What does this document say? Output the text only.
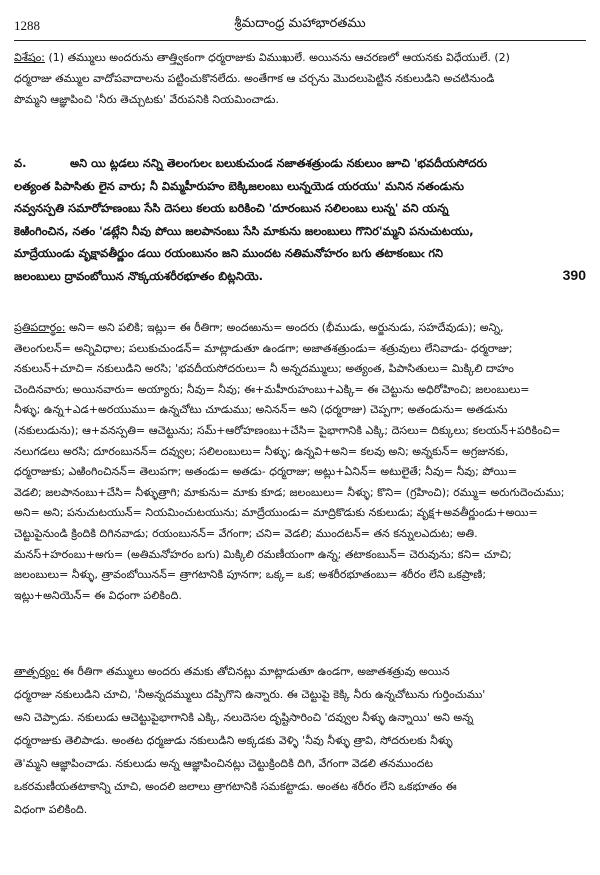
1288	శ్రీమదాంధ్ర మహాభారతము
విశేషం: (1) తమ్ములు అందరును తాత్త్వికంగా ధర్మరాజుకు విముఖులే. అయినను ఆచరణలో ఆయనకు విధేయులే. (2)
ధర్మరాజు తమ్ముల వాదోపవాదాలను పట్టించుకొనలేదు. అంతేగాక ఆ చర్చను మొదలుపెట్టిన నకులుడిని అచటినుండి
పొమ్మని ఆజ్ఞాపించి 'నీరు తెచ్చుటకు' వేరుపనికి నియమించాడు.
వ.	అని యి ట్లడలు నన్ని తెలంగులఁ బలుకుచుండ నజాతశత్రుండు నకులుం జూచి 'భవదీయసోదరు
లత్యంత పిపాసితు లైన వారు; నీ విమ్మహీరుహం బెక్కిజలంబు లున్నయెడ యరయు' మనిన నతండును
నవ్వనస్పతి సమారోహణంబు సేసి దెసలు కలయ బరికించి 'దూరంబున సలిలంబు లున్న' వని యన్న
కెఱింగించిన, నతం 'డట్లేని నీవు పోయి జలపానంబు సేసి మాకును జలంబులు గొనిర'మ్మని పనుచుటయు,
మాద్రేయుండు వృక్షావతీర్ణుం డయి రయంబునం జని ముందట నతిమనోహరం బగు తటాకంబుఁ గని
జలంబులు ద్రావంబోయిన నొక్కయశరీరభూతం బిట్లనియె.	390
ప్రతిపదార్థం: అని= అని పలికి; ఇట్లు= ఈ రీతిగా; అందఱును= అందరు (భీముడు, అర్జునుడు, సహదేవుడు); అన్ని,
తెలంగులన్= అన్నివిధాల; పలుకుచుండన్= మాట్లాడుతూ ఉండగా; అజాతశత్రుండు= శత్రువులు లేనివాడు- ధర్మరాజు;
నకులున్+చూచి= నకులుడిని అరసి; 'భవదీయసోదరులు= నీ అన్నదమ్ములు; అత్యంత, పిపాసితులు= మిక్కిలి దాహం
చెందినవారు; అయినవారు= అయ్యారు; నీవు= నీవు; ఈ+మహీరుహంబు+ఎక్కి= ఈ చెట్టును అధిరోహించి; జలంబులు=
నీళ్ళు; ఉన్న+ఎడ+అరయుము= ఉన్నచోటు చూడుము; అనినన్= అని (ధర్మరాజు) చెప్పగా; అతండును= అతడును
(నకులుడును); ఆ+వనస్పతి= ఆచెట్టును; సమ్+ఆరోహణంబు+చేసి= పైభాగానికి ఎక్కి; దెసలు= దిక్కులు; కలయన్+పరికించి=
నలుగడలు అరసి; దూరంబునన్= దవ్వుల; సలిలంబులు= నీళ్ళు; ఉన్నవి+అని= కలవు అని; అన్నకున్= అగ్రజునకు,
ధర్మరాజుకు; ఎఱింగించినన్= తెలుపగా; అతండు= అతడు- ధర్మరాజు; అట్లు+ఏనిన్= అటులైతే; నీవు= నీవు; పోయి=
వెడలి; జలపానంబు+చేసి= నీళ్ళుత్రాగి; మాకును= మాకు కూడ; జలంబులు= నీళ్ళు; కొని= (గ్రహించి); రమ్ము= అరుగుదెంచుము;
అని= అని; పనుచుటయున్= నియమించుటయును; మాద్రేయుండు= మాద్రికొడుకు నకులుడు; వృక్ష+అవతీర్ణుండు+అయి=
చెట్టుపైనుండి క్రిందికి దిగినవాడు; రయంబునన్= వేగంగా; చని= వెడలి; ముందటన్= తన కన్నులఎదుట; అతి.
మనస్+హరంబు+అగు= (అతిమనోహరం బగు) మిక్కిలి రమణీయంగా ఉన్న; తటాకంబున్= చెరువును; కని= చూచి;
జలంబులు= నీళ్ళు, త్రావంబోయినన్= త్రాగటానికి పూనగా; ఒక్క= ఒక; అశరీరభూతంబు= శరీరం లేని ఒకప్రాణి;
ఇట్లు+అనియెన్= ఈ విధంగా పలికింది.
తాత్పర్యం: ఈ రీతిగా తమ్ములు అందరు తమకు తోచినట్లు మాట్లాడుతూ ఉండగా, అజాతశత్రువు అయిన
ధర్మరాజు నకులుడిని చూచి, 'నీఅన్నదమ్ములు దప్పిగొని ఉన్నారు. ఈ చెట్టుపై కెక్కి నీరు ఉన్నచోటును గుర్తించుము'
అని చెప్పాడు. నకులుడు ఆచెట్టుపైభాగానికి ఎక్కి, నలుదెసల దృష్టిసారించి 'దవ్వుల నీళ్ళు ఉన్నాయి' అని అన్న
ధర్మరాజుకు తెలిపాడు. అంతట ధర్మజుడు నకులుడిని అక్కడకు వెళ్ళి 'నీవు నీళ్ళు త్రావి, సోదరులకు నీళ్ళు
తె'మ్మని ఆజ్ఞాపించాడు. నకులుడు అన్న ఆజ్ఞాపించినట్లు చెట్టుక్రిందికి దిగి, వేగంగా వెడలి తనముందట
ఒకరమణీయతటాకాన్ని చూచి, అందలి జలాలు త్రాగటానికి సమకట్టాడు. అంతట శరీరం లేని ఒకభూతం ఈ
విధంగా పలికింది.
